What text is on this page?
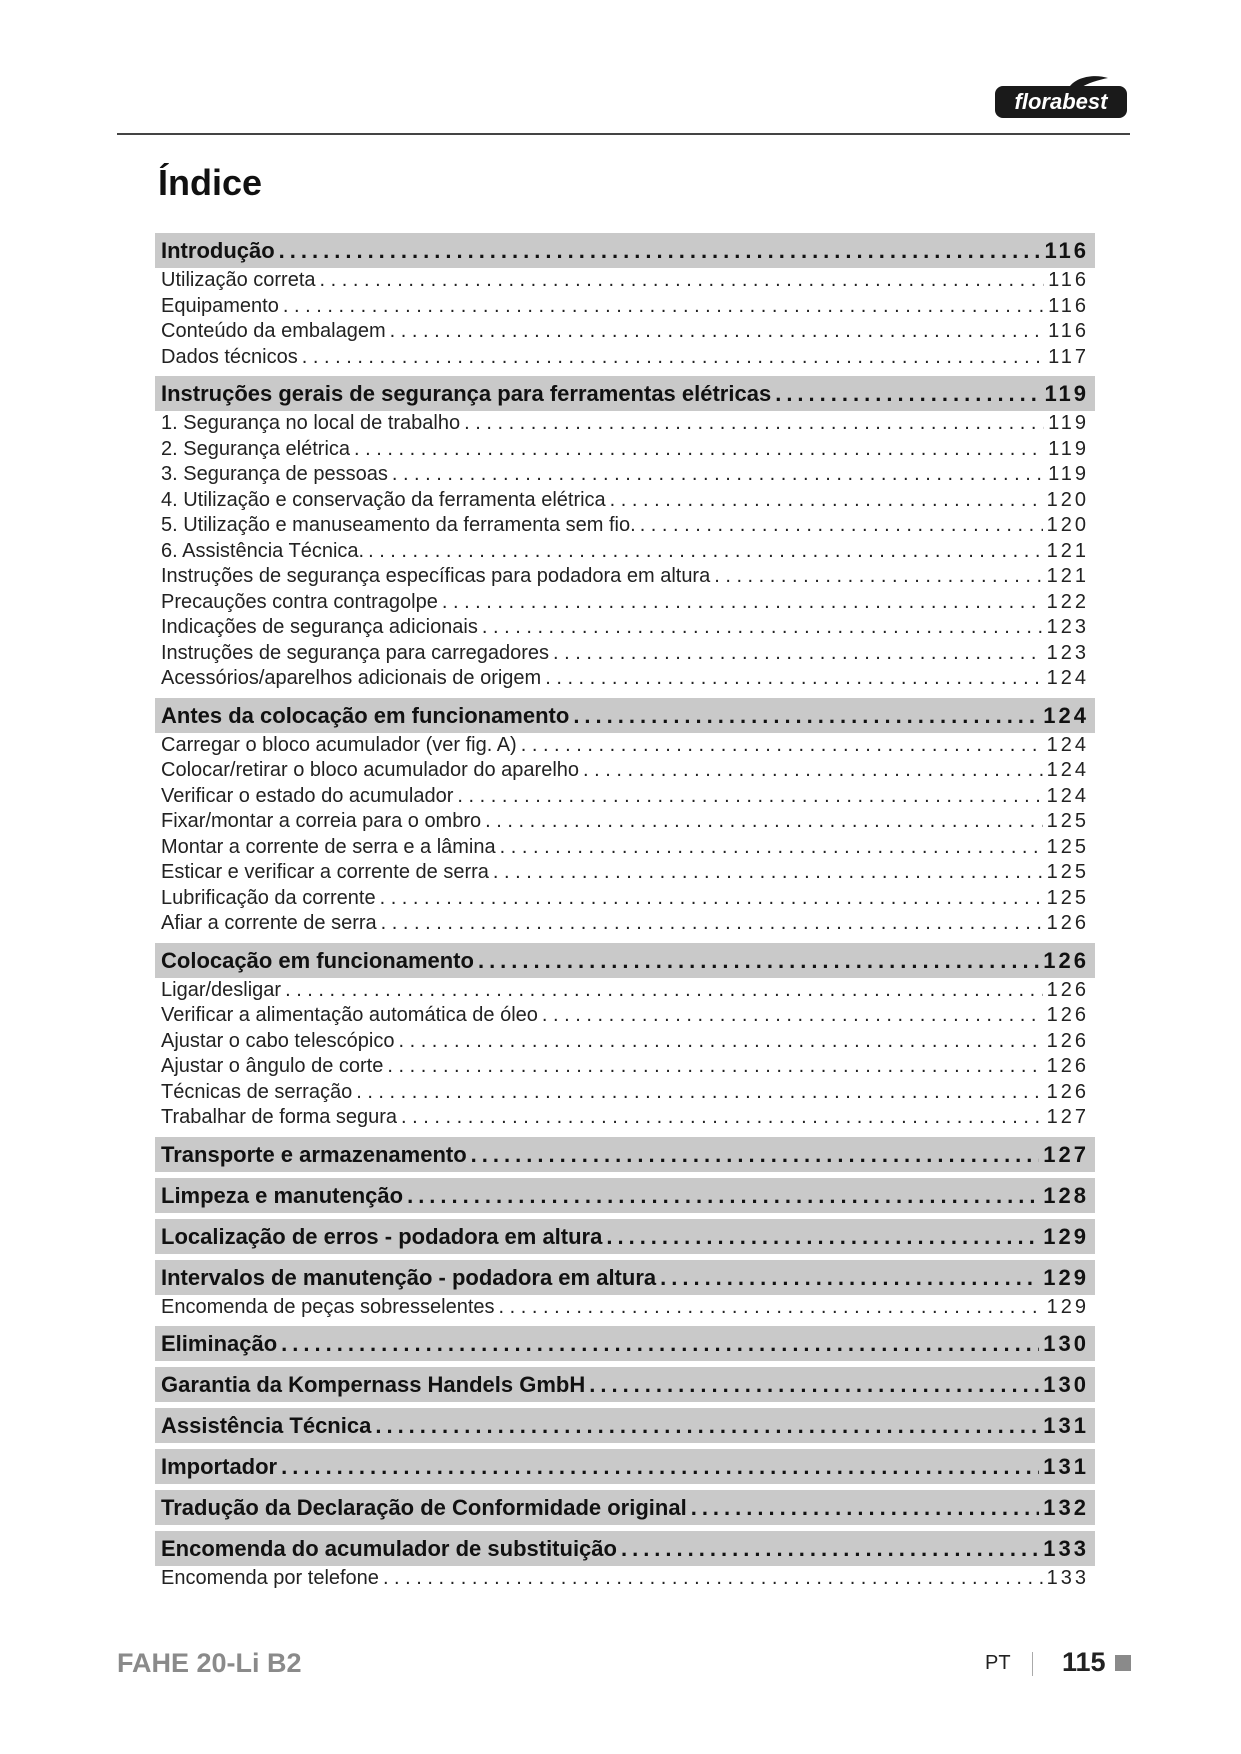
florabest
Índice
Introdução .....	116
Utilização correta . . .	116
Equipamento . . .	116
Conteúdo da embalagem . . .	116
Dados técnicos . . .	117
Instruções gerais de segurança para ferramentas elétricas .....	119
1. Segurança no local de trabalho . . .	119
2. Segurança elétrica . . .	119
3. Segurança de pessoas . . .	119
4. Utilização e conservação da ferramenta elétrica . . .	120
5. Utilização e manuseamento da ferramenta sem fio. . . .	120
6. Assistência Técnica. . . .	121
Instruções de segurança específicas para podadora em altura . . .	121
Precauções contra contragolpe . . .	122
Indicações de segurança adicionais . . .	123
Instruções de segurança para carregadores . . .	123
Acessórios/aparelhos adicionais de origem . . .	124
Antes da colocação em funcionamento .....	124
Carregar o bloco acumulador (ver fig. A) . . .	124
Colocar/retirar o bloco acumulador do aparelho . . .	124
Verificar o estado do acumulador . . .	124
Fixar/montar a correia para o ombro . . .	125
Montar a corrente de serra e a lâmina . . .	125
Esticar e verificar a corrente de serra . . .	125
Lubrificação da corrente . . .	125
Afiar a corrente de serra . . .	126
Colocação em funcionamento .....	126
Ligar/desligar . . .	126
Verificar a alimentação automática de óleo . . .	126
Ajustar o cabo telescópico . . .	126
Ajustar o ângulo de corte . . .	126
Técnicas de serração . . .	126
Trabalhar de forma segura . . .	127
Transporte e armazenamento .....	127
Limpeza e manutenção .....	128
Localização de erros - podadora em altura .....	129
Intervalos de manutenção - podadora em altura .....	129
Encomenda de peças sobresselentes . . .	129
Eliminação .....	130
Garantia da Kompernass Handels GmbH .....	130
Assistência Técnica .....	131
Importador .....	131
Tradução da Declaração de Conformidade original .....	132
Encomenda do acumulador de substituição .....	133
Encomenda por telefone . . .	133
FAHE 20-Li B2	PT 115
